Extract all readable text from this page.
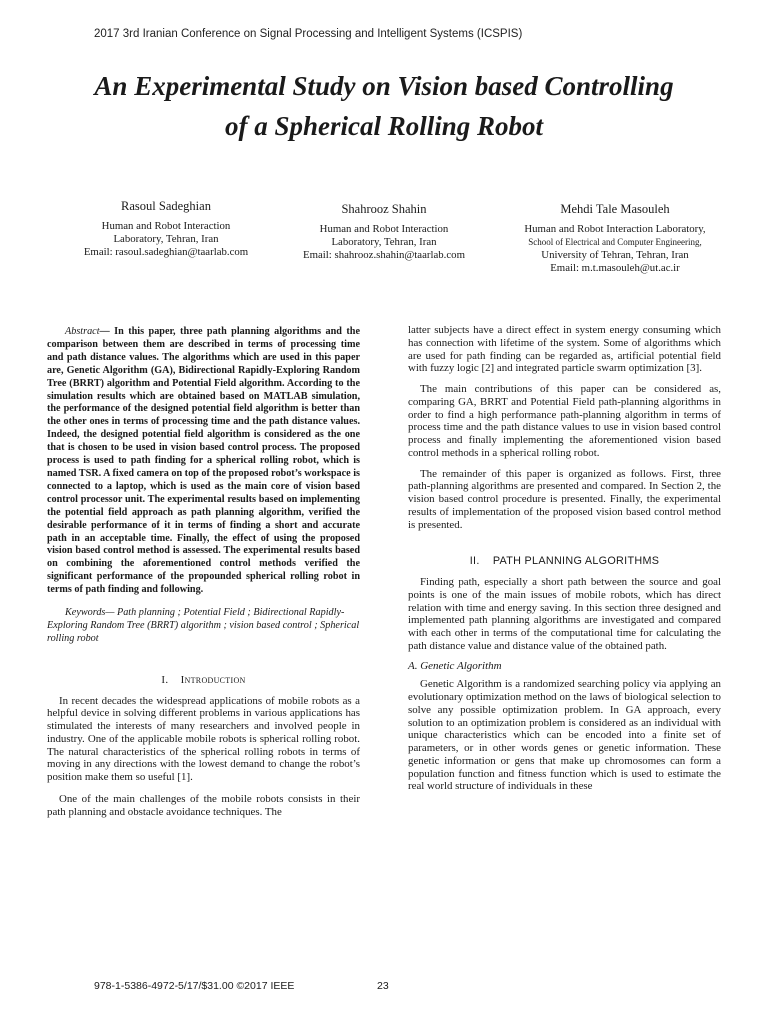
2017 3rd Iranian Conference on Signal Processing and Intelligent Systems (ICSPIS)
An Experimental Study on Vision based Controlling
of a Spherical Rolling Robot
Rasoul Sadeghian
Human and Robot Interaction
Laboratory, Tehran, Iran
Email: rasoul.sadeghian@taarlab.com
Shahrooz Shahin
Human and Robot Interaction
Laboratory, Tehran, Iran
Email: shahrooz.shahin@taarlab.com
Mehdi Tale Masouleh
Human and Robot Interaction Laboratory,
School of Electrical and Computer Engineering,
University of Tehran, Tehran, Iran
Email: m.t.masouleh@ut.ac.ir

Abstract— In this paper, three path planning algorithms and the comparison between them are described in terms of processing time and path distance values. The algorithms which are used in this paper are, Genetic Algorithm (GA), Bidirectional Rapidly-Exploring Random Tree (BRRT) algorithm and Potential Field algorithm. According to the simulation results which are obtained based on MATLAB simulation, the performance of the designed potential field algorithm is better than the other ones in terms of processing time and the path distance values. Indeed, the designed potential field algorithm is considered as the one that is chosen to be used in vision based control process. The proposed process is used to path finding for a spherical rolling robot, which is named TSR. A fixed camera on top of the proposed robot’s workspace is connected to a laptop, which is used as the main core of vision based control processor unit. The experimental results based on implementing the potential field approach as path planning algorithm, verified the desirable performance of it in terms of finding a short and accurate path in an acceptable time. Finally, the effect of using the proposed vision based control method is assessed. The experimental results based on combining the aforementioned control methods verified the significant performance of the propounded spherical rolling robot in terms of path finding and following.

Keywords— Path planning ; Potential Field ; Bidirectional Rapidly-Exploring Random Tree (BRRT) algorithm ; vision based control ; Spherical rolling robot

I. Introduction

In recent decades the widespread applications of mobile robots as a helpful device in solving different problems in various applications has stimulated the interests of many researchers and involved people in industry. One of the applicable mobile robots is spherical rolling robot. The natural characteristics of the spherical rolling robots in terms of moving in any directions with the lowest demand to change the robot’s position make them so useful [1].

One of the main challenges of the mobile robots consists in their path planning and obstacle avoidance techniques. The

latter subjects have a direct effect in system energy consuming which has connection with lifetime of the system. Some of algorithms which are used for path finding can be regarded as, artificial potential field with fuzzy logic [2] and integrated particle swarm optimization [3].

The main contributions of this paper can be considered as, comparing GA, BRRT and Potential Field path-planning algorithms in order to find a high performance path-planning algorithm in terms of process time and the path distance values to use in vision based control process and finally implementing the aforementioned vision based control methods in a spherical rolling robot.

The remainder of this paper is organized as follows. First, three path-planning algorithms are presented and compared. In Section 2, the vision based control procedure is presented. Finally, the experimental results of implementation of the proposed vision based control method is presented.

II. PATH PLANNING ALGORITHMS

Finding path, especially a short path between the source and goal points is one of the main issues of mobile robots, which has direct relation with time and energy saving. In this section three designed and implemented path planning algorithms are investigated and compared with each other in terms of the computational time for calculating the path distance value and distance value of the obtained path.

A. Genetic Algorithm

Genetic Algorithm is a randomized searching policy via applying an evolutionary optimization method on the laws of biological selection to solve any possible optimization problem. In GA approach, every solution to an optimization problem is considered as an individual with unique characteristics which can be encoded into a finite set of parameters, or in other words genes or genetic information. These genetic information or gens that make up chromosomes can form a population function and fitness function which is used to estimate the real world structure of individuals in these

978-1-5386-4972-5/17/$31.00 ©2017 IEEE	23
